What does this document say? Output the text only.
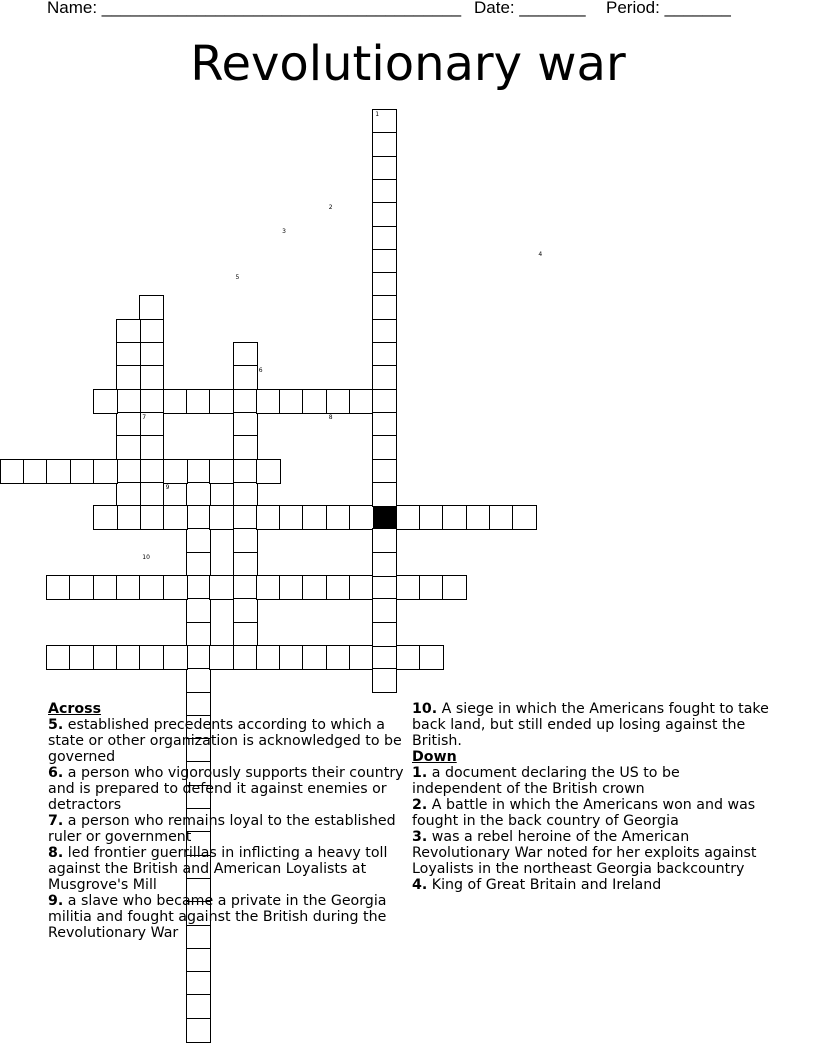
Name: ______________________________________ Date: _______ Period: _______
Revolutionary war
1
2
3
4
5
6
7	8
9
10
Across
5. established precedents according to which a state or other organization is acknowledged to be governed
6. a person who vigorously supports their country and is prepared to defend it against enemies or detractors
7. a person who remains loyal to the established ruler or government
8. led frontier guerrillas in inflicting a heavy toll against the British and American Loyalists at Musgrove's Mill
9. a slave who became a private in the Georgia militia and fought against the British during the Revolutionary War
10. A siege in which the Americans fought to take back land, but still ended up losing against the British.
Down
1. a document declaring the US to be independent of the British crown
2. A battle in which the Americans won and was fought in the back country of Georgia
3. was a rebel heroine of the American Revolutionary War noted for her exploits against Loyalists in the northeast Georgia backcountry
4. King of Great Britain and Ireland
